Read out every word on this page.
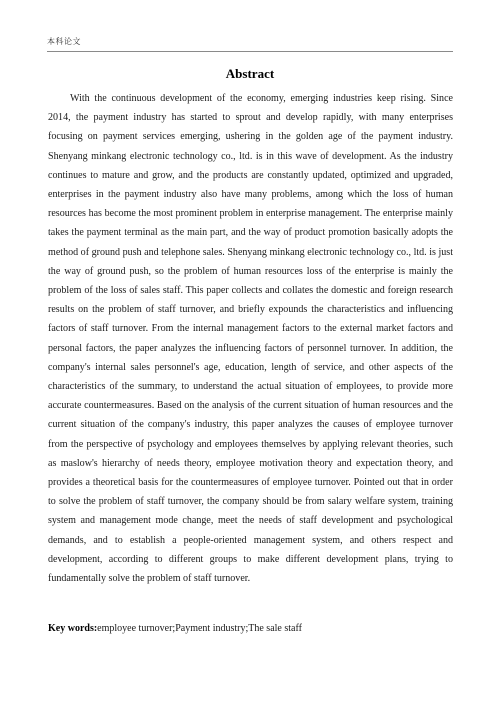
本科论文
Abstract

With the continuous development of the economy, emerging industries keep rising. Since 2014, the payment industry has started to sprout and develop rapidly, with many enterprises focusing on payment services emerging, ushering in the golden age of the payment industry. Shenyang minkang electronic technology co., ltd. is in this wave of development. As the industry continues to mature and grow, and the products are constantly updated, optimized and upgraded, enterprises in the payment industry also have many problems, among which the loss of human resources has become the most prominent problem in enterprise management. The enterprise mainly takes the payment terminal as the main part, and the way of product promotion basically adopts the method of ground push and telephone sales. Shenyang minkang electronic technology co., ltd. is just the way of ground push, so the problem of human resources loss of the enterprise is mainly the problem of the loss of sales staff. This paper collects and collates the domestic and foreign research results on the problem of staff turnover, and briefly expounds the characteristics and influencing factors of staff turnover. From the internal management factors to the external market factors and personal factors, the paper analyzes the influencing factors of personnel turnover. In addition, the company's internal sales personnel's age, education, length of service, and other aspects of the characteristics of the summary, to understand the actual situation of employees, to provide more accurate countermeasures. Based on the analysis of the current situation of human resources and the current situation of the company's industry, this paper analyzes the causes of employee turnover from the perspective of psychology and employees themselves by applying relevant theories, such as maslow's hierarchy of needs theory, employee motivation theory and expectation theory, and provides a theoretical basis for the countermeasures of employee turnover. Pointed out that in order to solve the problem of staff turnover, the company should be from salary welfare system, training system and management mode change, meet the needs of staff development and psychological demands, and to establish a people-oriented management system, and others respect and development, according to different groups to make different development plans, trying to fundamentally solve the problem of staff turnover.

Key words:employee turnover;Payment industry;The sale staff
